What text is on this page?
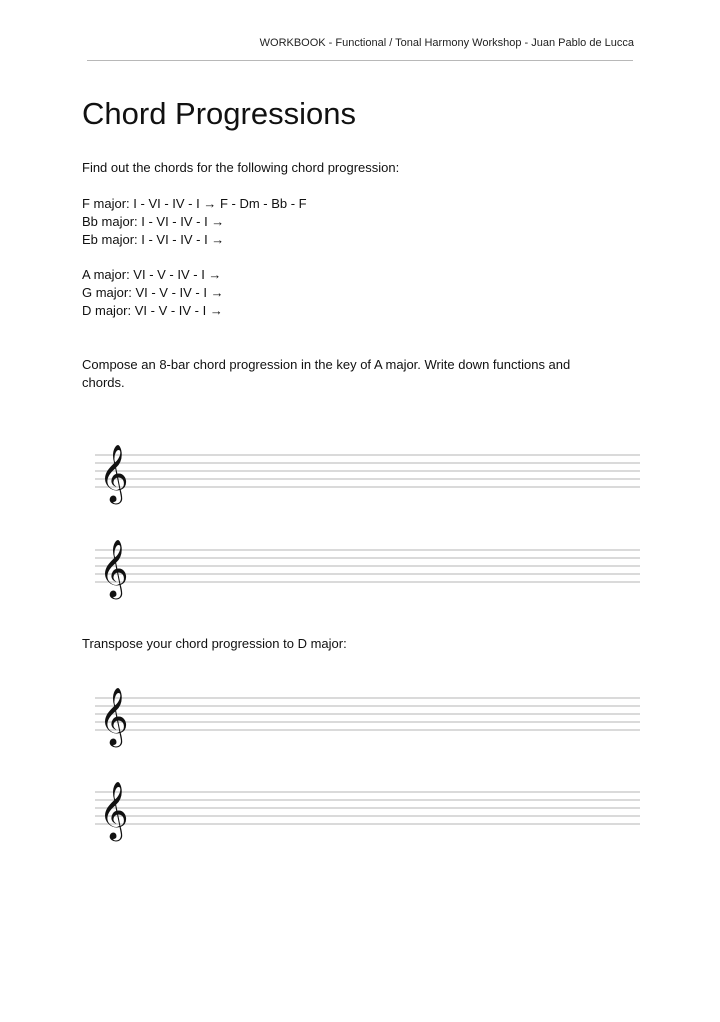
WORKBOOK - Functional / Tonal Harmony Workshop - Juan Pablo de Lucca
Chord Progressions
Find out the chords for the following chord progression:
F major: I - VI - IV - I → F - Dm - Bb - F
Bb major: I - VI - IV - I →
Eb major: I - VI - IV - I →
A major: VI - V - IV - I →
G major: VI - V - IV - I →
D major: VI - V - IV - I →
Compose an 8-bar chord progression in the key of A major. Write down functions and chords.
𝄞
𝄞
Transpose your chord progression to D major:
𝄞
𝄞
